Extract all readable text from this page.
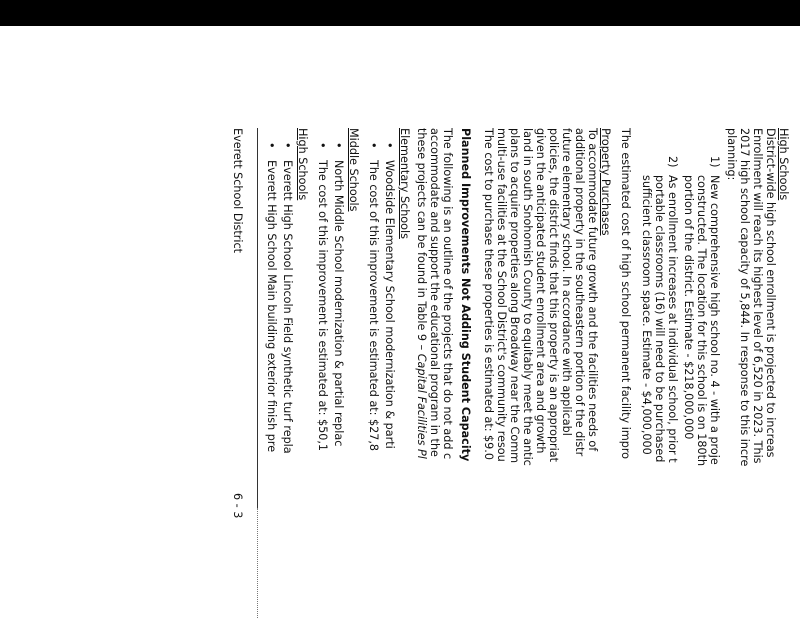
High Schools
District-wide high school enrollment is projected to increas
Enrollment will reach its highest level of 6,520 in 2023. This
2017 high school capacity of 5,844. In response to this incre
planning:
1)
New comprehensive high school no. 4 - with a proje
constructed. The location for this school is on 180th
portion of the district. Estimate - $218,000,000
2)
As enrollment increases at individual school, prior t
portable classrooms (16) will need to be purchased
sufficient classroom space. Estimate - $4,000,000
The estimated cost of high school permanent facility impro
Property Purchases
To accommodate future growth and the facilities needs of
additional property in the southeastern portion of the distr
future elementary school. In accordance with applicabl
policies, the district finds that this property is an appropriat
given the anticipated student enrollment area and growth
land in south Snohomish County to equitably meet the antic
plans to acquire properties along Broadway near the Comm
multi-use facilities at the School District's community resou
The cost to purchase these properties is estimated at: $9.0
Planned Improvements Not Adding Student Capacity
The following is an outline of the projects that do not add c
accommodate and support the educational program in the
these projects can be found in Table 9 – Capital Facilities Pl
Elementary Schools
•
Woodside Elementary School modernization & parti
•
The cost of this improvement is estimated at: $27,8
Middle Schools
•
North Middle School modernization & partial replac
•
The cost of this improvement is estimated at: $50,1
High Schools
•
Everett High School Lincoln Field synthetic turf repla
•
Everett High School Main building exterior finish pre
Everett School District
6 - 3
